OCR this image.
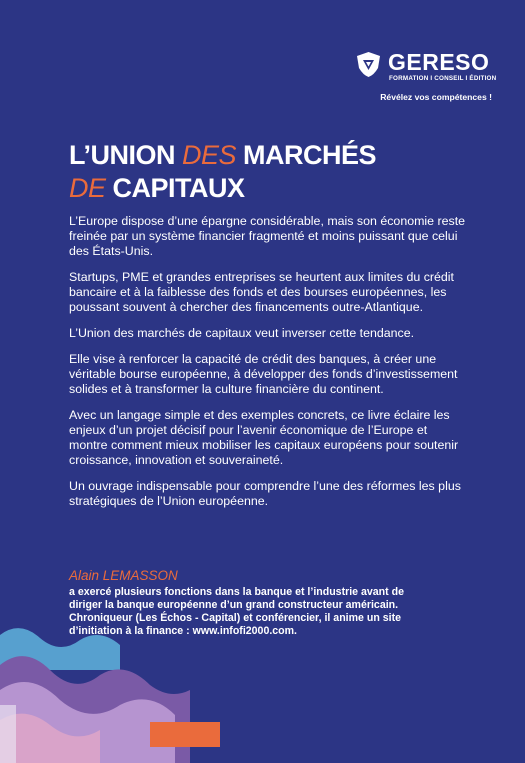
GERESO
FORMATION I CONSEIL I ÉDITION
Révélez vos compétences !
L’UNION DES MARCHÉS
DE CAPITAUX

L’Europe dispose d’une épargne considérable, mais son économie reste freinée par un système financier fragmenté et moins puissant que celui des États-Unis.

Startups, PME et grandes entreprises se heurtent aux limites du crédit bancaire et à la faiblesse des fonds et des bourses européennes, les poussant souvent à chercher des financements outre-Atlantique.

L’Union des marchés de capitaux veut inverser cette tendance.

Elle vise à renforcer la capacité de crédit des banques, à créer une véritable bourse européenne, à développer des fonds d’investissement solides et à transformer la culture financière du continent.

Avec un langage simple et des exemples concrets, ce livre éclaire les enjeux d’un projet décisif pour l’avenir économique de l’Europe et montre comment mieux mobiliser les capitaux européens pour soutenir croissance, innovation et souveraineté.

Un ouvrage indispensable pour comprendre l’une des réformes les plus stratégiques de l’Union européenne.

Alain LEMASSON

a exercé plusieurs fonctions dans la banque et l’industrie avant de diriger la banque européenne d’un grand constructeur américain. Chroniqueur (Les Échos - Capital) et conférencier, il anime un site d’initiation à la finance : www.infofi2000.com.
